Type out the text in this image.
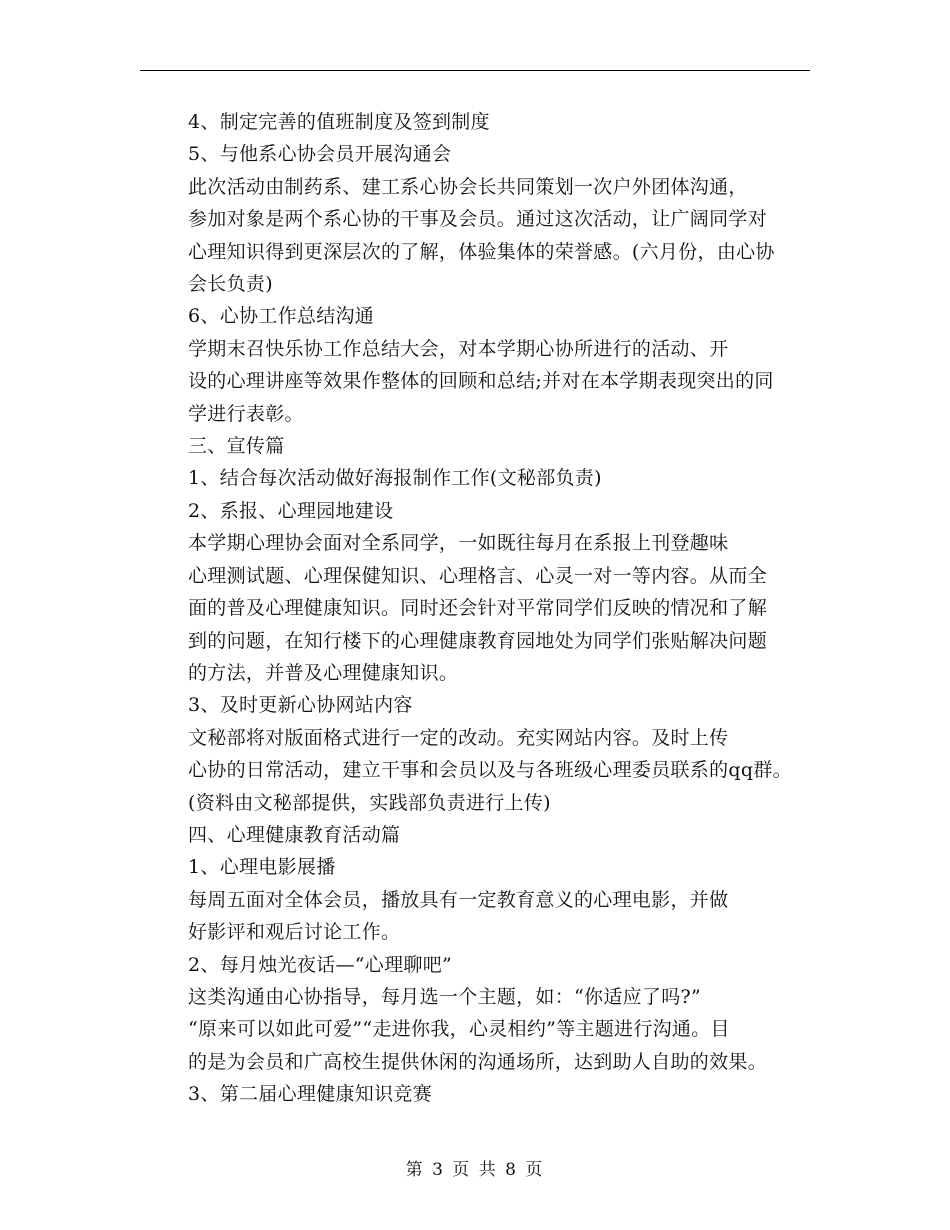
4、制定完善的值班制度及签到制度

5、与他系心协会员开展沟通会

此次活动由制药系、建工系心协会长共同策划一次户外团体沟通，
参加对象是两个系心协的干事及会员。通过这次活动，让广阔同学对
心理知识得到更深层次的了解，体验集体的荣誉感。(六月份，由心协
会长负责)

6、心协工作总结沟通

学期末召快乐协工作总结大会，对本学期心协所进行的活动、开
设的心理讲座等效果作整体的回顾和总结;并对在本学期表现突出的同
学进行表彰。

三、宣传篇

1、结合每次活动做好海报制作工作(文秘部负责)

2、系报、心理园地建设

本学期心理协会面对全系同学，一如既往每月在系报上刊登趣味
心理测试题、心理保健知识、心理格言、心灵一对一等内容。从而全
面的普及心理健康知识。同时还会针对平常同学们反映的情况和了解
到的问题，在知行楼下的心理健康教育园地处为同学们张贴解决问题
的方法，并普及心理健康知识。

3、及时更新心协网站内容

文秘部将对版面格式进行一定的改动。充实网站内容。及时上传
心协的日常活动，建立干事和会员以及与各班级心理委员联系的qq群。
(资料由文秘部提供，实践部负责进行上传)

四、心理健康教育活动篇

1、心理电影展播

每周五面对全体会员，播放具有一定教育意义的心理电影，并做
好影评和观后讨论工作。

2、每月烛光夜话—“心理聊吧”

这类沟通由心协指导，每月选一个主题，如：“你适应了吗?”
“原来可以如此可爱”“走进你我，心灵相约”等主题进行沟通。目
的是为会员和广高校生提供休闲的沟通场所，达到助人自助的效果。

3、第二届心理健康知识竞赛

第 3 页 共 8 页
